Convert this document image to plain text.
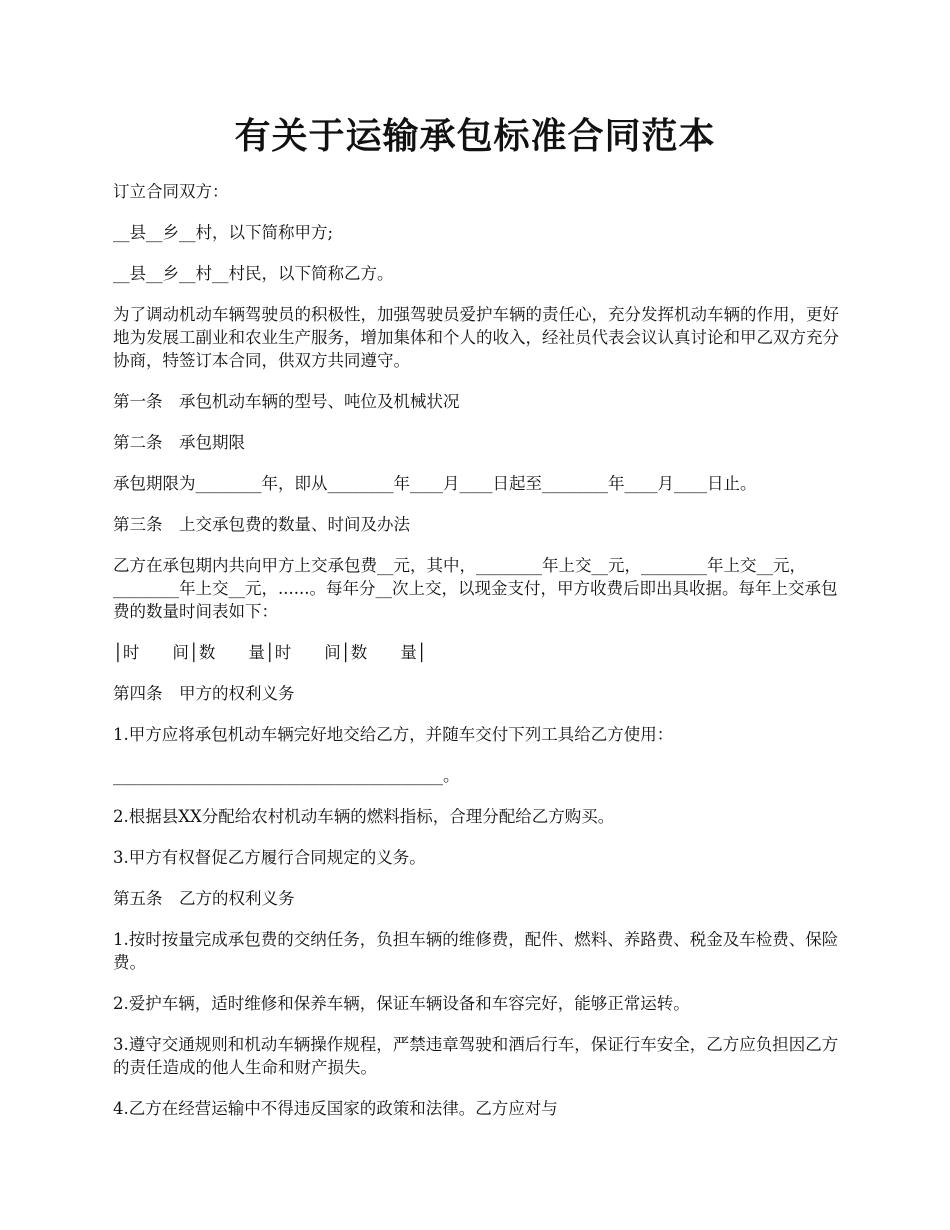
有关于运输承包标准合同范本

订立合同双方：

__县__乡__村，以下简称甲方;

__县__乡__村__村民，以下简称乙方。

为了调动机动车辆驾驶员的积极性，加强驾驶员爱护车辆的责任心，充分发挥机动车辆的作用，更好地为发展工副业和农业生产服务，增加集体和个人的收入，经社员代表会议认真讨论和甲乙双方充分协商，特签订本合同，供双方共同遵守。

第一条　承包机动车辆的型号、吨位及机械状况

第二条　承包期限

承包期限为________年，即从________年____月____日起至________年____月____日止。

第三条　上交承包费的数量、时间及办法

乙方在承包期内共向甲方上交承包费__元，其中，________年上交__元，________年上交__元，________年上交__元，......。每年分__次上交，以现金支付，甲方收费后即出具收据。每年上交承包费的数量时间表如下：

│时　　间│数　　量│时　　间│数　　量│

第四条　甲方的权利义务

1.甲方应将承包机动车辆完好地交给乙方，并随车交付下列工具给乙方使用：

________________________________________。

2.根据县XX分配给农村机动车辆的燃料指标，合理分配给乙方购买。

3.甲方有权督促乙方履行合同规定的义务。

第五条　乙方的权利义务

1.按时按量完成承包费的交纳任务，负担车辆的维修费，配件、燃料、养路费、税金及车检费、保险费。

2.爱护车辆，适时维修和保养车辆，保证车辆设备和车容完好，能够正常运转。

3.遵守交通规则和机动车辆操作规程，严禁违章驾驶和酒后行车，保证行车安全，乙方应负担因乙方的责任造成的他人生命和财产损失。

4.乙方在经营运输中不得违反国家的政策和法律。乙方应对与
